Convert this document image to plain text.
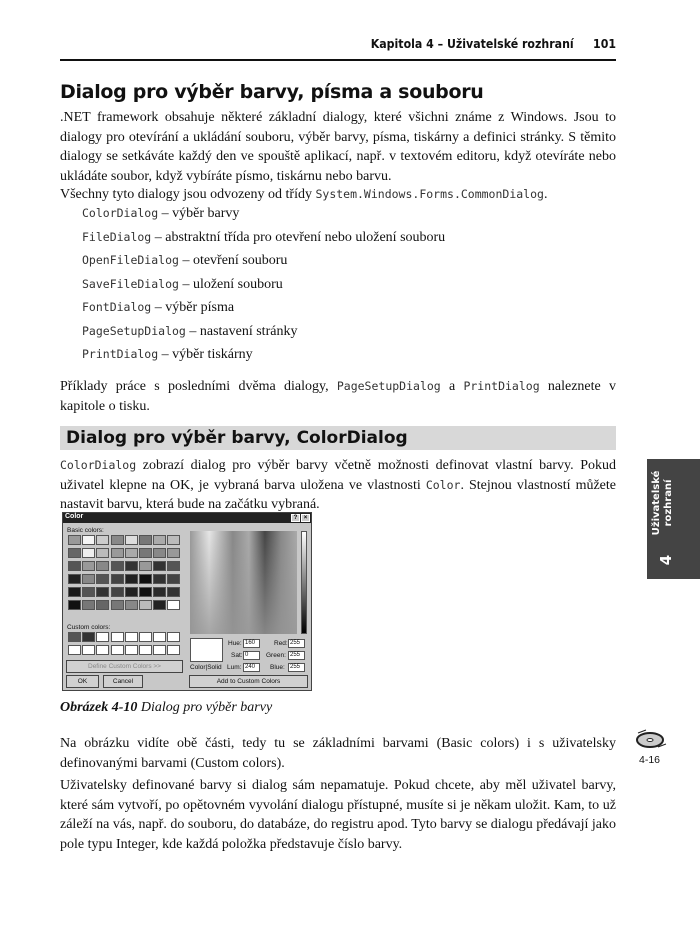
Kapitola 4 – Uživatelské rozhraní 101
Dialog pro výběr barvy, písma a souboru
.NET framework obsahuje některé základní dialogy, které všichni známe z Windows. Jsou to dialogy pro otevírání a ukládání souboru, výběr barvy, písma, tiskárny a definici stránky. S těmito dialogy se setkáváte každý den ve spouště aplikací, např. v textovém editoru, když otevíráte nebo ukládáte soubor, když vybíráte písmo, tiskárnu nebo barvu.
Všechny tyto dialogy jsou odvozeny od třídy System.Windows.Forms.CommonDialog.
ColorDialog – výběr barvy
FileDialog – abstraktní třída pro otevření nebo uložení souboru
OpenFileDialog – otevření souboru
SaveFileDialog – uložení souboru
FontDialog – výběr písma
PageSetupDialog – nastavení stránky
PrintDialog – výběr tiskárny
Příklady práce s posledními dvěma dialogy, PageSetupDialog a PrintDialog naleznete v kapitole o tisku.
Dialog pro výběr barvy, ColorDialog
ColorDialog zobrazí dialog pro výběr barvy včetně možnosti definovat vlastní barvy. Pokud uživatel klepne na OK, je vybraná barva uložena ve vlastnosti Color. Stejnou vlastností můžete nastavit barvu, která bude na začátku vybraná.
Color	?	×
Basic colors:
Custom colors:
Define Custom Colors >>
OK	Cancel
Color|Solid
Hue: 160
Sat: 0
Lum: 240
Red: 255
Green: 255
Blue: 255
Add to Custom Colors
Obrázek 4-10 Dialog pro výběr barvy
Na obrázku vidíte obě části, tedy tu se základními barvami (Basic colors) i s uživatelsky definovanými barvami (Custom colors).
Uživatelsky definované barvy si dialog sám nepamatuje. Pokud chcete, aby měl uživatel barvy, které sám vytvoří, po opětovném vyvolání dialogu přístupné, musíte si je někam uložit. Kam, to už záleží na vás, např. do souboru, do databáze, do registru apod. Tyto barvy se dialogu předávají jako pole typu Integer, kde každá položka představuje číslo barvy.
Uživatelské rozhraní
4
4-16
